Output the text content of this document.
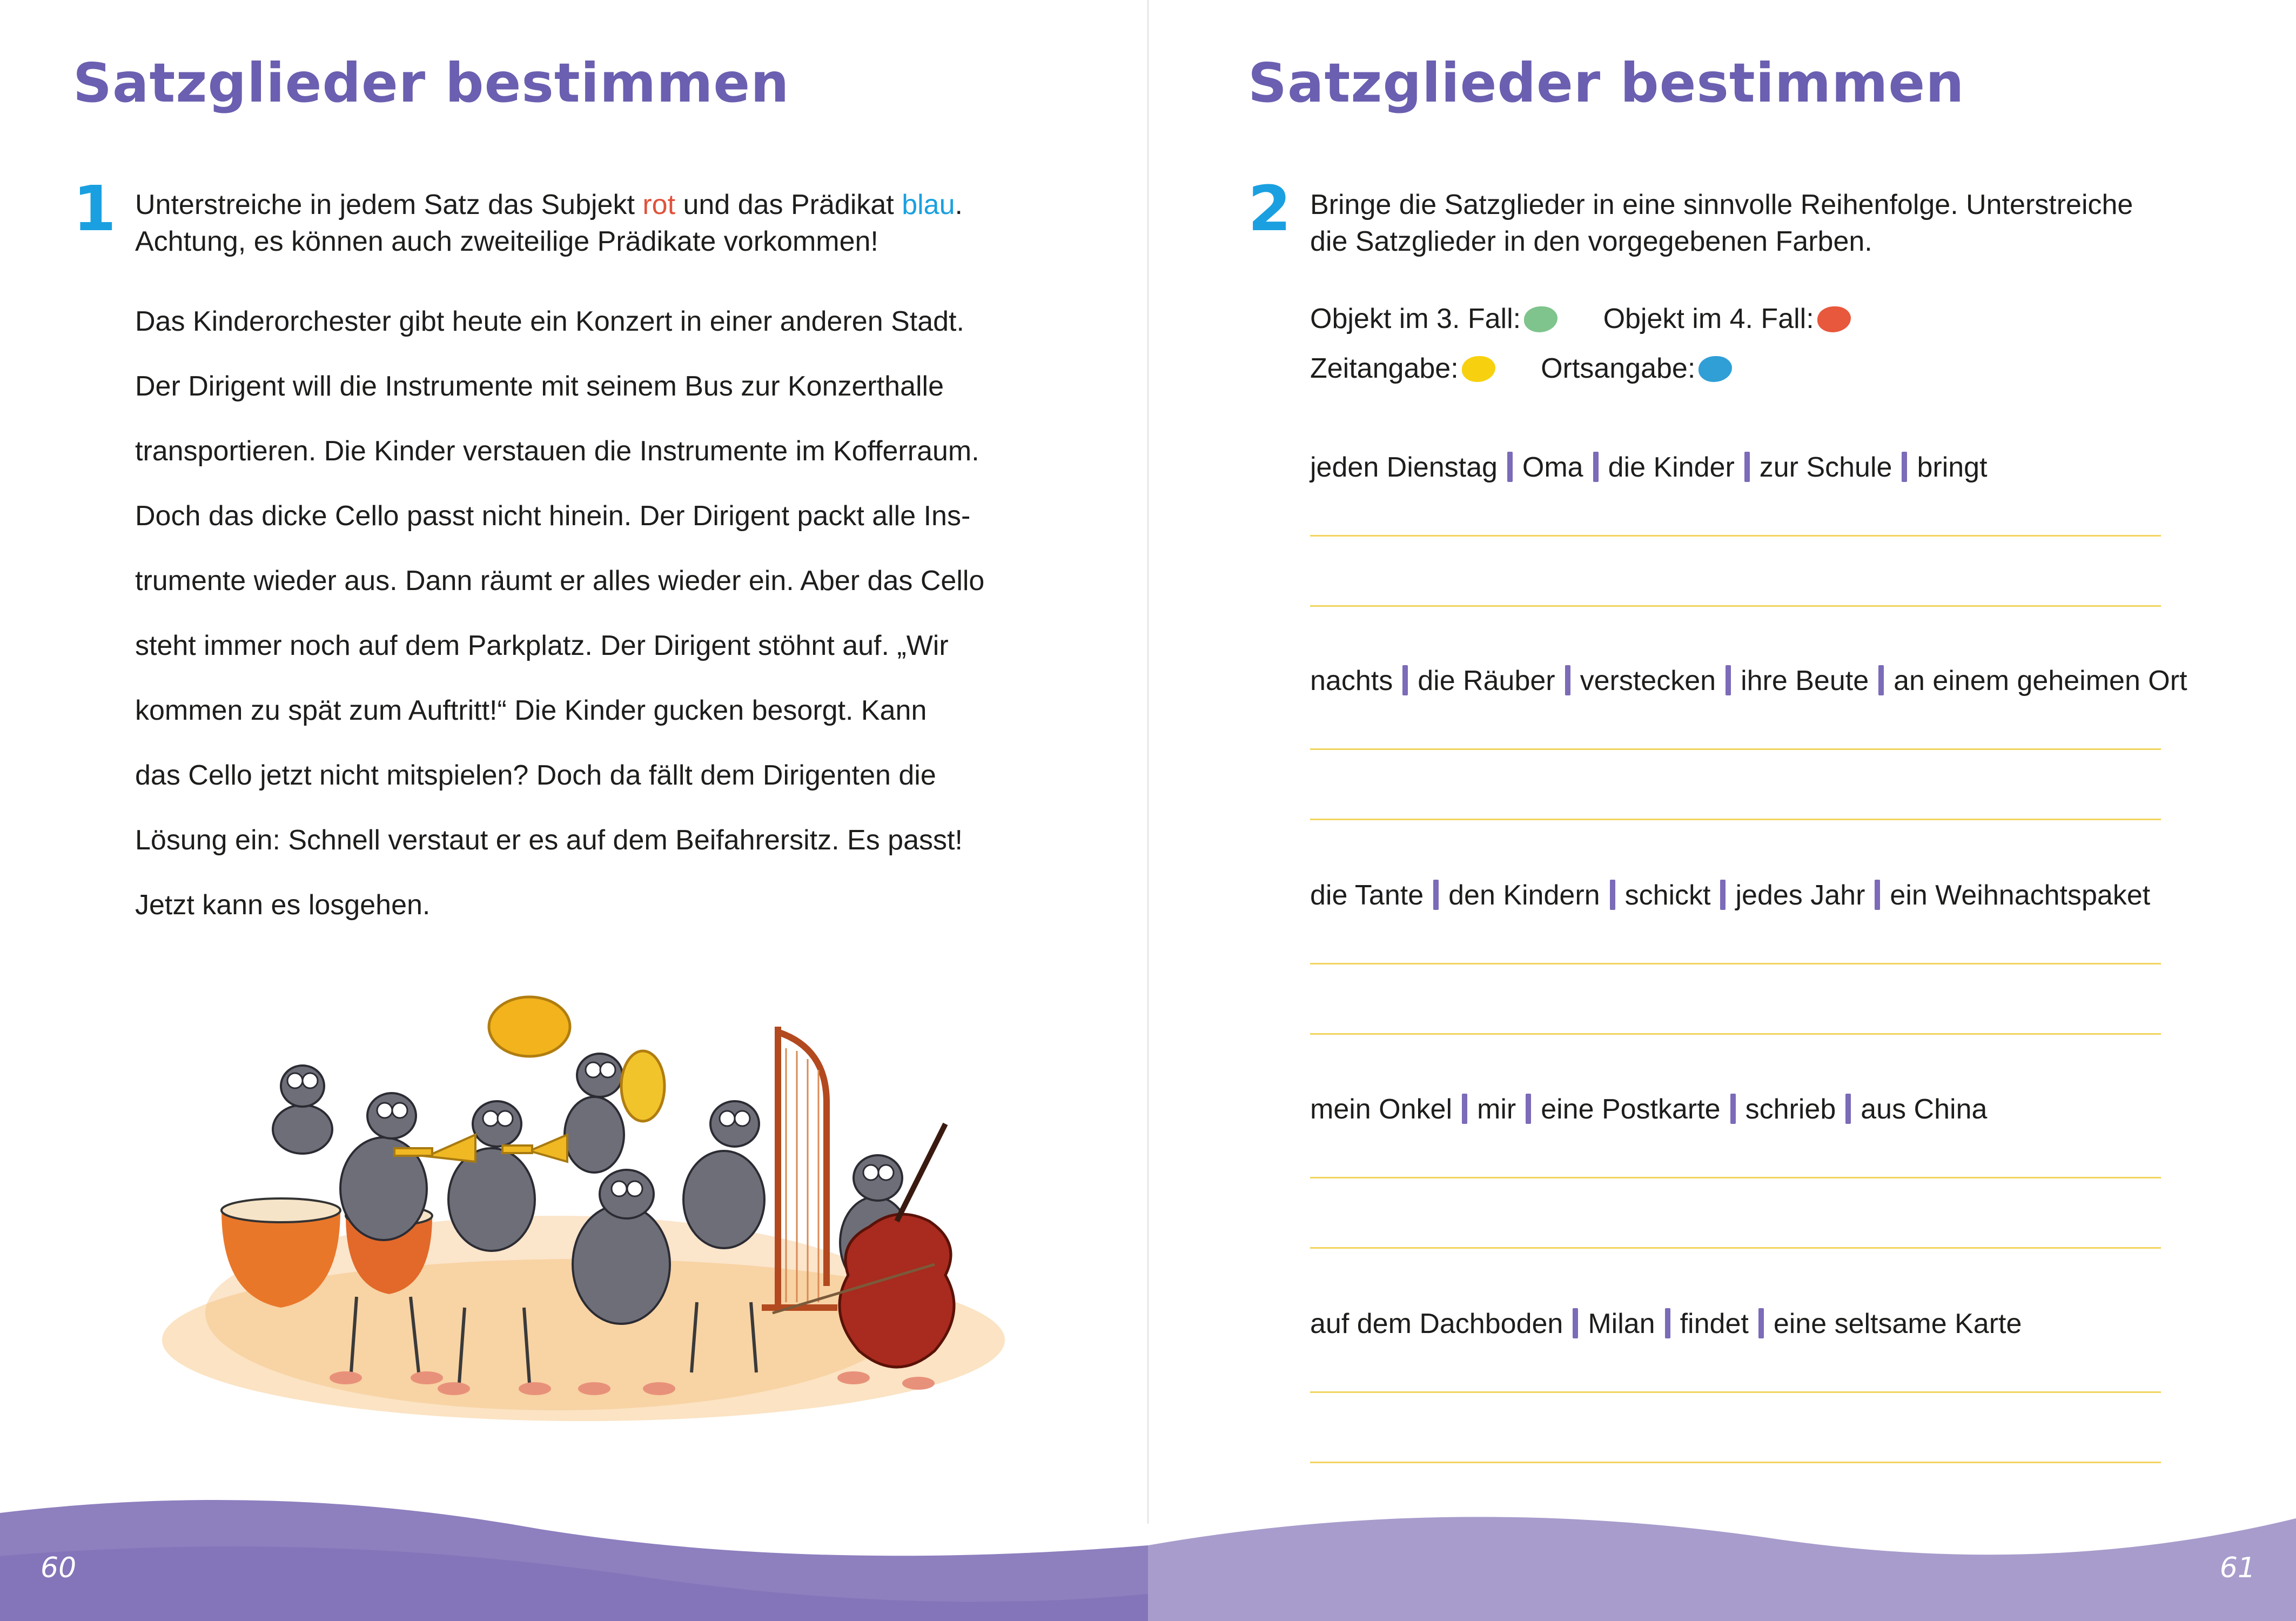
Satzglieder bestimmen
1 Unterstreiche in jedem Satz das Subjekt rot und das Prädikat blau.
Achtung, es können auch zweiteilige Prädikate vorkommen!
Das Kinderorchester gibt heute ein Konzert in einer anderen Stadt.
Der Dirigent will die Instrumente mit seinem Bus zur Konzerthalle
transportieren. Die Kinder verstauen die Instrumente im Kofferraum.
Doch das dicke Cello passt nicht hinein. Der Dirigent packt alle Ins-
trumente wieder aus. Dann räumt er alles wieder ein. Aber das Cello
steht immer noch auf dem Parkplatz. Der Dirigent stöhnt auf. „Wir
kommen zu spät zum Auftritt!“ Die Kinder gucken besorgt. Kann
das Cello jetzt nicht mitspielen? Doch da fällt dem Dirigenten die
Lösung ein: Schnell verstaut er es auf dem Beifahrersitz. Es passt!
Jetzt kann es losgehen.
60
Satzglieder bestimmen
2 Bringe die Satzglieder in eine sinnvolle Reihenfolge. Unterstreiche
die Satzglieder in den vorgegebenen Farben.
Objekt im 3. Fall:	Objekt im 4. Fall:
Zeitangabe:	Ortsangabe:
jeden Dienstag Oma die Kinder zur Schule bringt
nachts die Räuber verstecken ihre Beute an einem geheimen Ort
die Tante den Kindern schickt jedes Jahr ein Weihnachtspaket
mein Onkel mir eine Postkarte schrieb aus China
auf dem Dachboden Milan findet eine seltsame Karte
61
